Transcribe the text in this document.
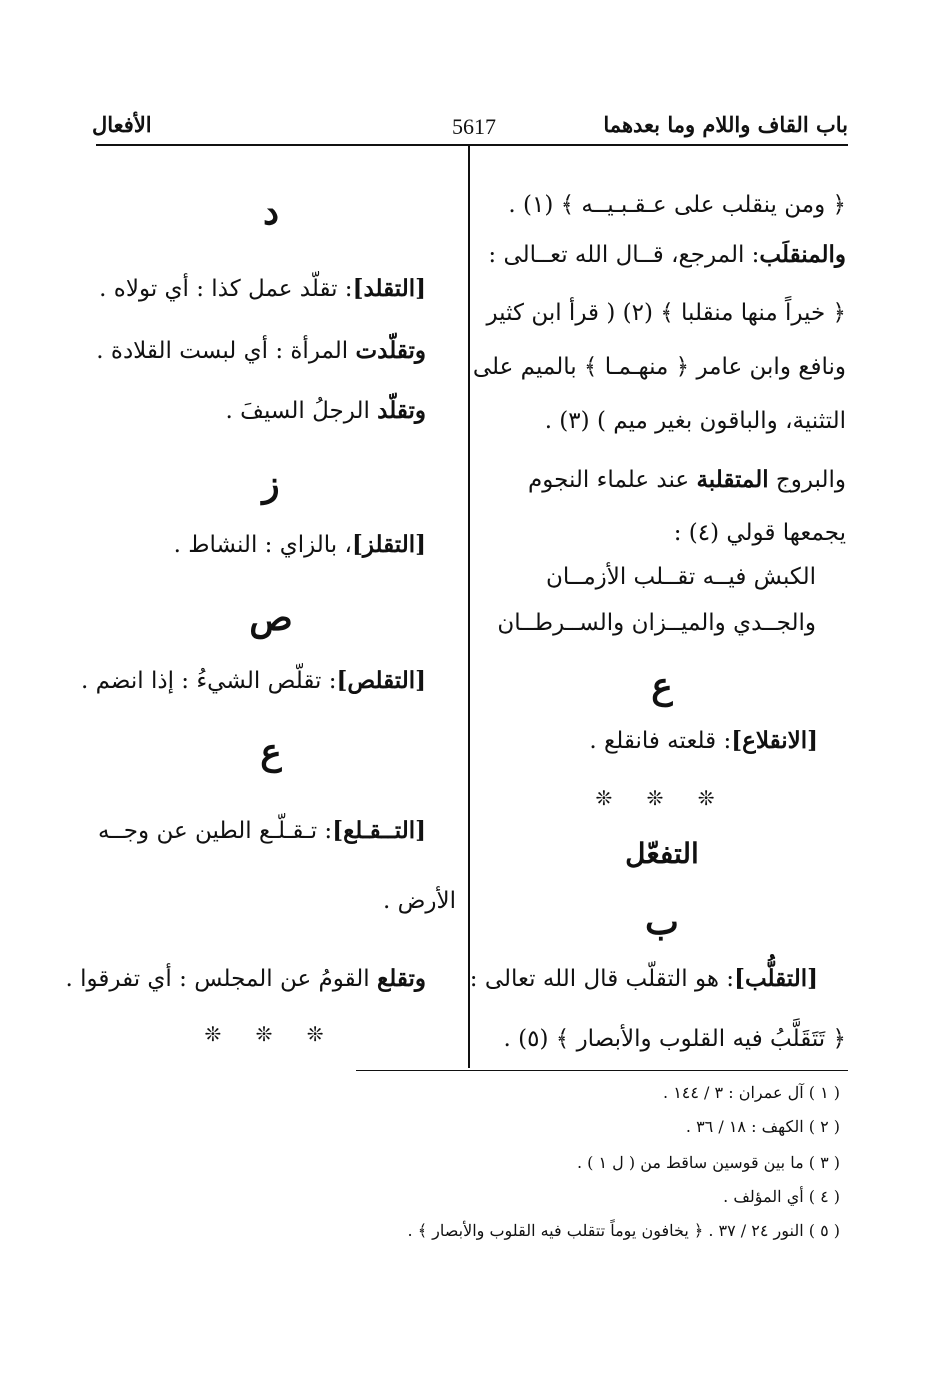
باب القاف واللام وما بعدهما
5617
الأفعال
﴿ ومن ينقلب على عـقـبـيــه ﴾ (١) .
والمنقلَب: المرجع، قــال الله تعــالى :
﴿ خيراً منها منقلبا ﴾ (٢) ( قرأ ابن كثير
ونافع وابن عامر ﴿ منهـمـا ﴾ بالميم على
التثنية، والباقون بغير ميم ) (٣) .
والبروج المتقلبة عند علماء النجوم
يجمعها قولي (٤) :
الكبش فيــه تقــلب الأزمــان
والجــدي والميــزان والســرطــان
ع
[الانقلاع]: قلعته فانقلع .
❊ ❊ ❊
التفعّل
ب
[التقلُّب]: هو التقلّب قال الله تعالى :
﴿ تَتَقَلَّبُ فيه القلوب والأبصار ﴾ (٥) .
د
[التقلد]: تقلّد عمل كذا : أي تولاه .
وتقلّدت المرأة : أي لبست القلادة .
وتقلّد الرجلُ السيفَ .
ز
[التقلز]، بالزاي : النشاط .
ص
[التقلص]: تقلّص الشيءُ : إذا انضم .
ع
[التــقـلع]: تـقـلّـع الطين عن وجــه
الأرض .
وتقلع القومُ عن المجلس : أي تفرقوا .
❊ ❊ ❊
( ١ ) آل عمران : ٣ / ١٤٤ .
( ٢ ) الكهف : ١٨ / ٣٦ .
( ٣ ) ما بين قوسين ساقط من ( ل ١ ) .
( ٤ ) أي المؤلف .
( ٥ ) النور ٢٤ / ٣٧ . ﴿ يخافون يوماً تتقلب فيه القلوب والأبصار ﴾ .
